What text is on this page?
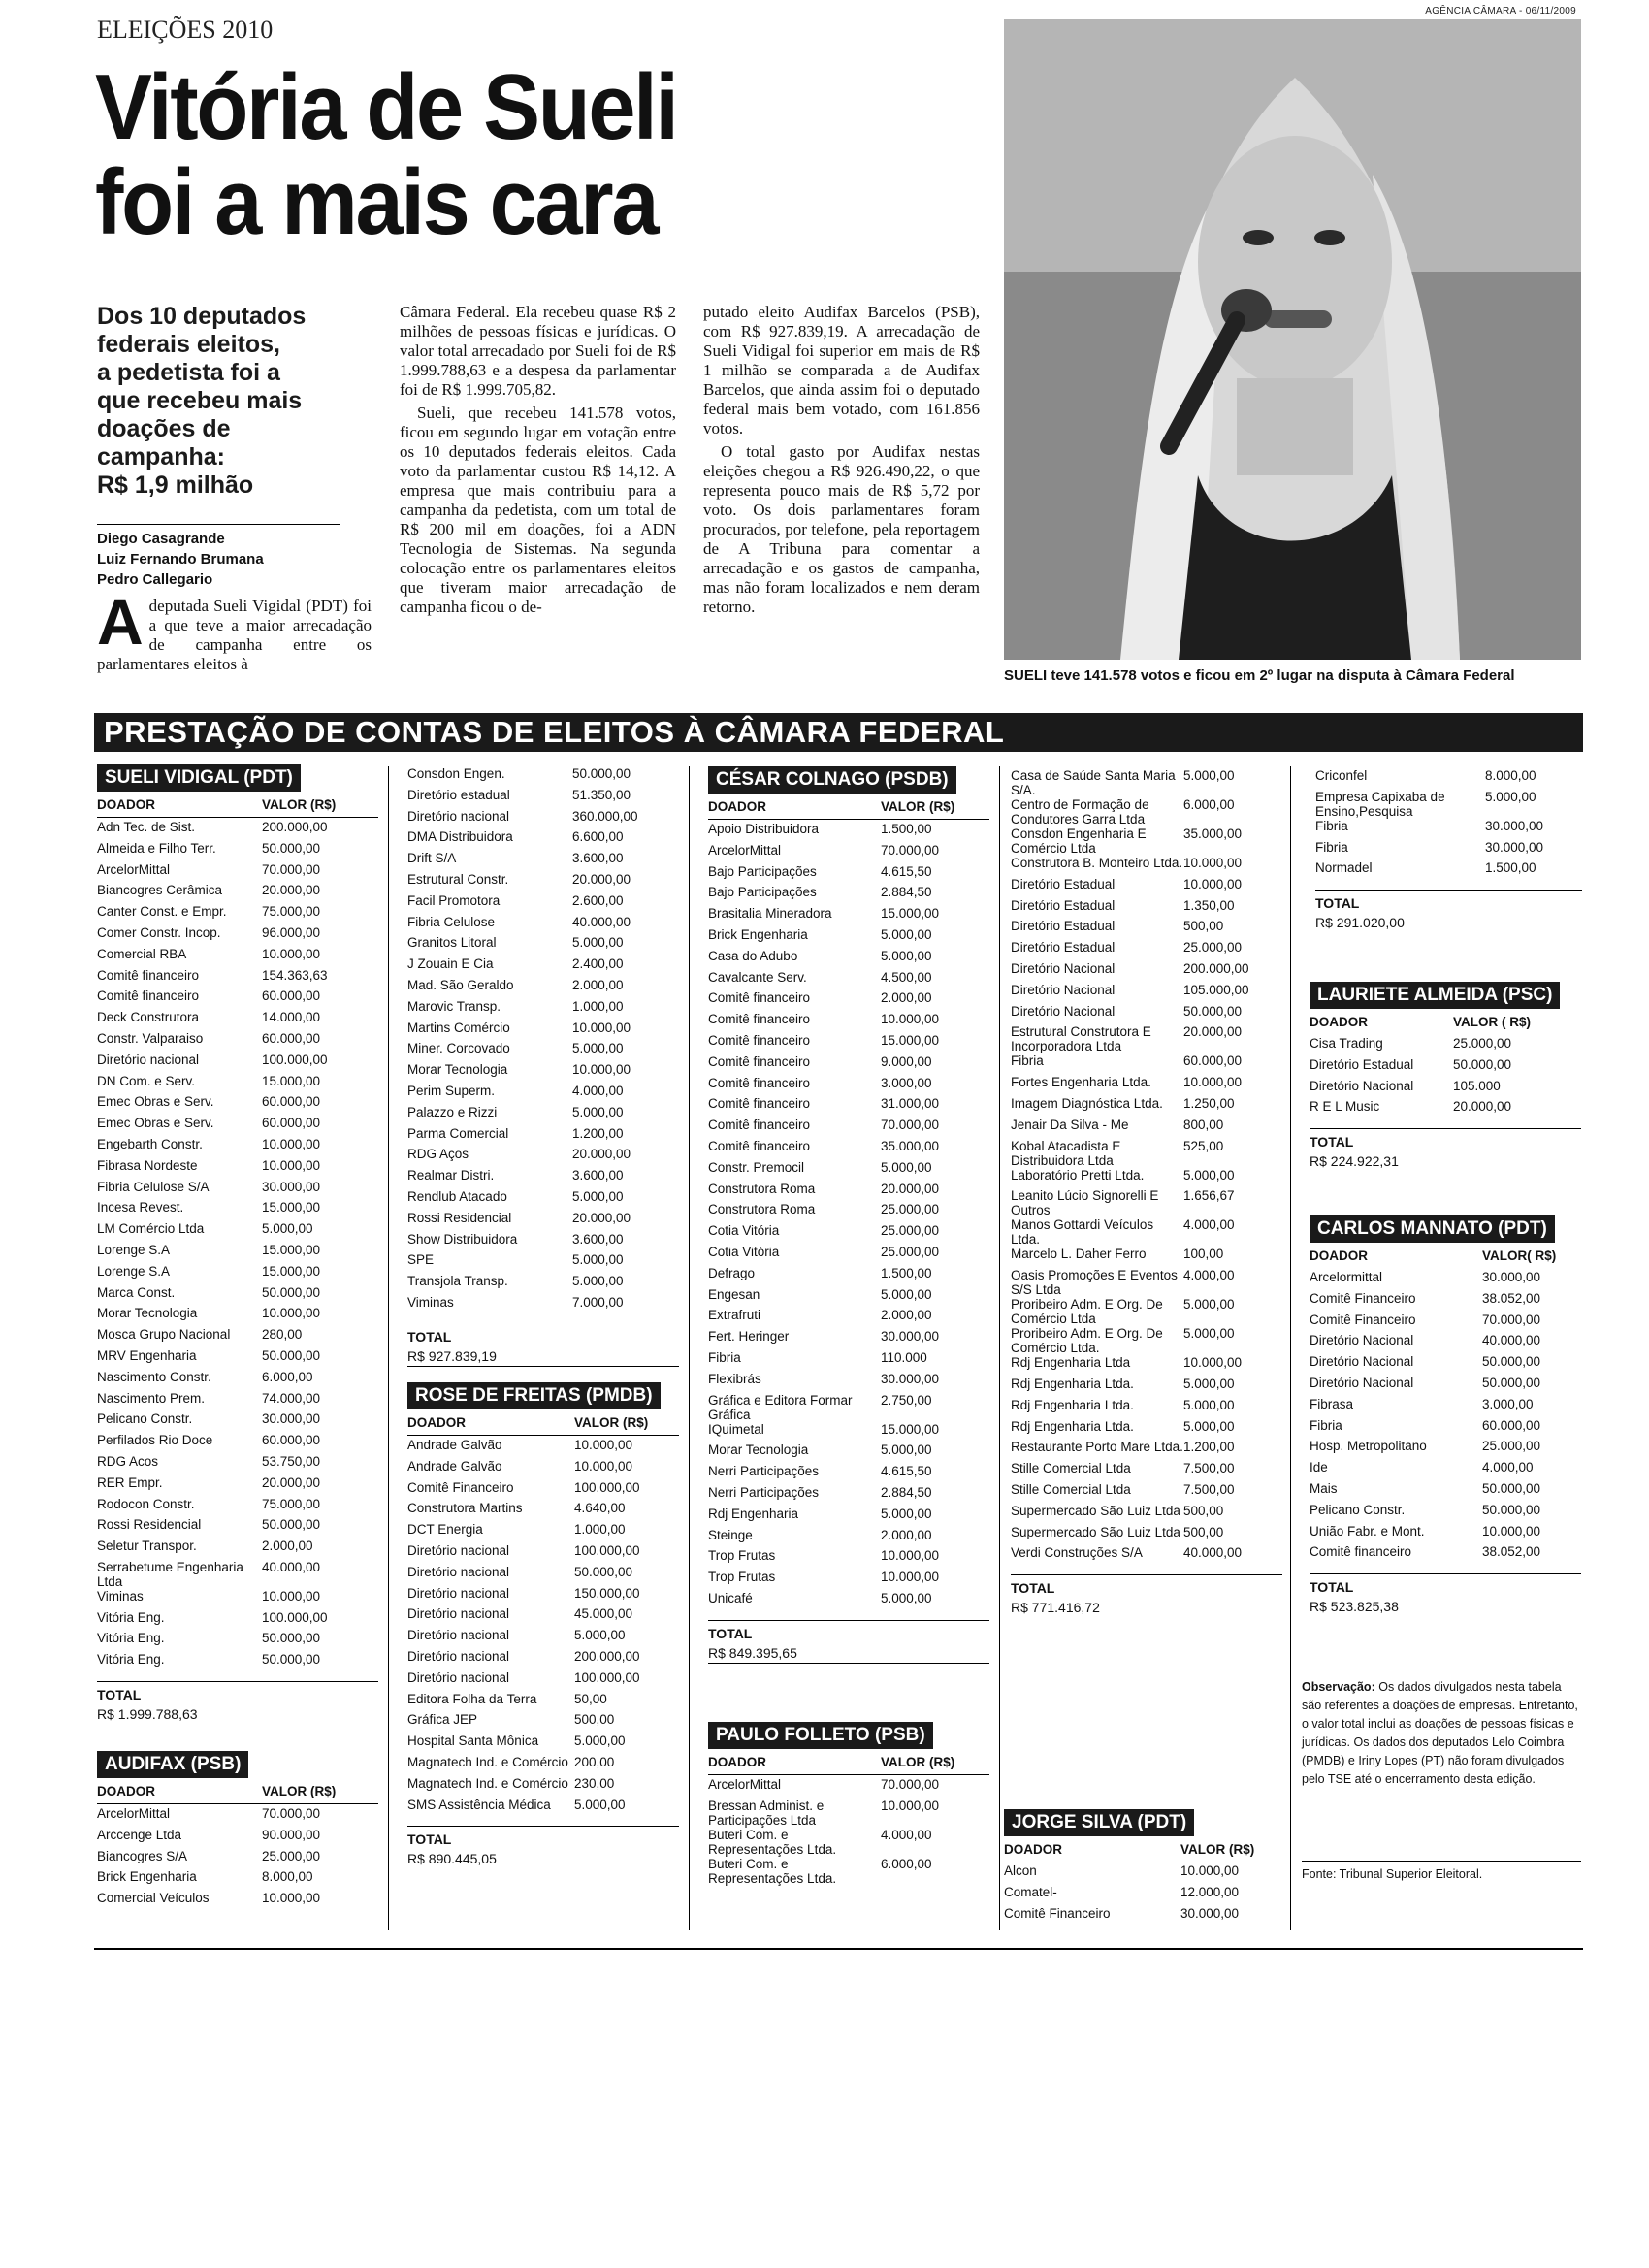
AGÊNCIA CÂMARA - 06/11/2009
ELEIÇÕES 2010
Vitória de Sueli
foi a mais cara
Dos 10 deputados
federais eleitos,
a pedetista foi a
que recebeu mais
doações de campanha:
R$ 1,9 milhão
Diego Casagrande
Luiz Fernando Brumana
Pedro Callegario

Adeputada Sueli Vigidal (PDT) foi a que teve a maior arrecadação de campanha entre os parlamentares eleitos à

Câmara Federal. Ela recebeu quase R$ 2 milhões de pessoas físicas e jurídicas. O valor total arrecadado por Sueli foi de R$ 1.999.788,63 e a despesa da parlamentar foi de R$ 1.999.705,82.

Sueli, que recebeu 141.578 votos, ficou em segundo lugar em votação entre os 10 deputados federais eleitos. Cada voto da parlamentar custou R$ 14,12. A empresa que mais contribuiu para a campanha da pedetista, com um total de R$ 200 mil em doações, foi a ADN Tecnologia de Sistemas. Na segunda colocação entre os parlamentares eleitos que tiveram maior arrecadação de campanha ficou o de-

putado eleito Audifax Barcelos (PSB), com R$ 927.839,19. A arrecadação de Sueli Vidigal foi superior em mais de R$ 1 milhão se comparada a de Audifax Barcelos, que ainda assim foi o deputado federal mais bem votado, com 161.856 votos.

O total gasto por Audifax nestas eleições chegou a R$ 926.490,22, o que representa pouco mais de R$ 5,72 por voto. Os dois parlamentares foram procurados, por telefone, pela reportagem de A Tribuna para comentar a arrecadação e os gastos de campanha, mas não foram localizados e nem deram retorno.

SUELI teve 141.578 votos e ficou em 2º lugar na disputa à Câmara Federal
PRESTAÇÃO DE CONTAS DE ELEITOS À CÂMARA FEDERAL
SUELI VIDIGAL (PDT)
DOADOR	VALOR (R$)
Adn Tec. de Sist.	200.000,00
Almeida e Filho Terr.	50.000,00
ArcelorMittal	70.000,00
Biancogres Cerâmica	20.000,00
Canter Const. e Empr.	75.000,00
Comer Constr. Incop.	96.000,00
Comercial RBA	10.000,00
Comitê financeiro	154.363,63
Comitê financeiro	60.000,00
Deck Construtora	14.000,00
Constr. Valparaiso	60.000,00
Diretório nacional	100.000,00
DN Com. e Serv.	15.000,00
Emec Obras e Serv.	60.000,00
Emec Obras e Serv.	60.000,00
Engebarth Constr.	10.000,00
Fibrasa Nordeste	10.000,00
Fibria Celulose S/A	30.000,00
Incesa Revest.	15.000,00
LM Comércio Ltda	5.000,00
Lorenge S.A	15.000,00
Lorenge S.A	15.000,00
Marca Const.	50.000,00
Morar Tecnologia	10.000,00
Mosca Grupo Nacional	280,00
MRV Engenharia	50.000,00
Nascimento Constr.	6.000,00
Nascimento Prem.	74.000,00
Pelicano Constr.	30.000,00
Perfilados Rio Doce	60.000,00
RDG Acos	53.750,00
RER Empr.	20.000,00
Rodocon Constr.	75.000,00
Rossi Residencial	50.000,00
Seletur Transpor.	2.000,00
Serrabetume Engenharia Ltda
40.000,00
Viminas	10.000,00
Vitória Eng.	100.000,00
Vitória Eng.	50.000,00
Vitória Eng.	50.000,00
TOTAL
R$ 1.999.788,63
AUDIFAX (PSB)
DOADOR	VALOR (R$)
ArcelorMittal	70.000,00
Arccenge Ltda	90.000,00
Biancogres S/A	25.000,00
Brick Engenharia	8.000,00
Comercial Veículos	10.000,00
Consdon Engen.	50.000,00
Diretório estadual	51.350,00
Diretório nacional	360.000,00
DMA Distribuidora	6.600,00
Drift S/A	3.600,00
Estrutural Constr.	20.000,00
Facil Promotora	2.600,00
Fibria Celulose	40.000,00
Granitos Litoral	5.000,00
J Zouain E Cia	2.400,00
Mad. São Geraldo	2.000,00
Marovic Transp.	1.000,00
Martins Comércio	10.000,00
Miner. Corcovado	5.000,00
Morar Tecnologia	10.000,00
Perim Superm.	4.000,00
Palazzo e Rizzi	5.000,00
Parma Comercial	1.200,00
RDG Aços	20.000,00
Realmar Distri.	3.600,00
Rendlub Atacado	5.000,00
Rossi Residencial	20.000,00
Show Distribuidora	3.600,00
SPE	5.000,00
Transjola Transp.	5.000,00
Viminas	7.000,00
TOTAL
R$ 927.839,19
ROSE DE FREITAS (PMDB)
DOADOR	VALOR (R$)
Andrade Galvão	10.000,00
Andrade Galvão	10.000,00
Comitê Financeiro	100.000,00
Construtora Martins	4.640,00
DCT Energia	1.000,00
Diretório nacional	100.000,00
Diretório nacional	50.000,00
Diretório nacional	150.000,00
Diretório nacional	45.000,00
Diretório nacional	5.000,00
Diretório nacional	200.000,00
Diretório nacional	100.000,00
Editora Folha da Terra	50,00
Gráfica JEP	500,00
Hospital Santa Mônica	5.000,00
Magnatech Ind. e Comércio 200,00
Magnatech Ind. e Comércio 230,00
SMS Assistência Médica	5.000,00
TOTAL
R$ 890.445,05
CÉSAR COLNAGO (PSDB)
DOADOR	VALOR (R$)
Apoio Distribuidora	1.500,00
ArcelorMittal	70.000,00
Bajo Participações	4.615,50
Bajo Participações	2.884,50
Brasitalia Mineradora	15.000,00
Brick Engenharia	5.000,00
Casa do Adubo	5.000,00
Cavalcante Serv.	4.500,00
Comitê financeiro	2.000,00
Comitê financeiro	10.000,00
Comitê financeiro	15.000,00
Comitê financeiro	9.000,00
Comitê financeiro	3.000,00
Comitê financeiro	31.000,00
Comitê financeiro	70.000,00
Comitê financeiro	35.000,00
Constr. Premocil	5.000,00
Construtora Roma	20.000,00
Construtora Roma	25.000,00
Cotia Vitória	25.000,00
Cotia Vitória	25.000,00
Defrago	1.500,00
Engesan	5.000,00
Extrafruti	2.000,00
Fert. Heringer	30.000,00
Fibria	110.000
Flexibrás	30.000,00
Gráfica e Editora Formar Gráfica
2.750,00
IQuimetal	15.000,00
Morar Tecnologia	5.000,00
Nerri Participações	4.615,50
Nerri Participações	2.884,50
Rdj Engenharia	5.000,00
Steinge	2.000,00
Trop Frutas	10.000,00
Trop Frutas	10.000,00
Unicafé	5.000,00
TOTAL
R$ 849.395,65
PAULO FOLLETO (PSB)
DOADOR	VALOR (R$)
ArcelorMittal	70.000,00
Bressan Administ. e Participações Ltda
10.000,00
Buteri Com. e Representações Ltda.
4.000,00
Buteri Com. e Representações Ltda.
6.000,00
Casa de Saúde Santa Maria S/A.
5.000,00
Centro de Formação de Condutores Garra Ltda
6.000,00
Consdon Engenharia E Comércio Ltda
35.000,00
Construtora B. Monteiro Ltda. 10.000,00
Diretório Estadual	10.000,00
Diretório Estadual	1.350,00
Diretório Estadual	500,00
Diretório Estadual	25.000,00
Diretório Nacional	200.000,00
Diretório Nacional	105.000,00
Diretório Nacional	50.000,00
Estrutural Construtora E Incorporadora Ltda
20.000,00
Fibria	60.000,00
Fortes Engenharia Ltda.	10.000,00
Imagem Diagnóstica Ltda.	1.250,00
Jenair Da Silva - Me	800,00
Kobal Atacadista E Distribuidora Ltda
525,00
Laboratório Pretti Ltda.	5.000,00
Leanito Lúcio Signorelli E Outros
1.656,67
Manos Gottardi Veículos Ltda.
4.000,00
Marcelo L. Daher Ferro	100,00
Oasis Promoções E Eventos S/S Ltda
4.000,00
Proribeiro Adm. E Org. De Comércio Ltda
5.000,00
Proribeiro Adm. E Org. De Comércio Ltda.
5.000,00
Rdj Engenharia Ltda	10.000,00
Rdj Engenharia Ltda.	5.000,00
Rdj Engenharia Ltda.	5.000,00
Rdj Engenharia Ltda.	5.000,00
Restaurante Porto Mare Ltda. 1.200,00
Stille Comercial Ltda	7.500,00
Stille Comercial Ltda	7.500,00
Supermercado São Luiz Ltda 500,00
Supermercado São Luiz Ltda 500,00
Verdi Construções S/A	40.000,00
TOTAL
R$ 771.416,72
JORGE SILVA (PDT)
DOADOR	VALOR (R$)
Alcon	10.000,00
Comatel-	12.000,00
Comitê Financeiro	30.000,00
Criconfel	8.000,00
Empresa Capixaba de Ensino,Pesquisa
5.000,00
Fibria	30.000,00
Fibria	30.000,00
Normadel	1.500,00
TOTAL
R$ 291.020,00
LAURIETE ALMEIDA (PSC)
DOADOR	VALOR ( R$)
Cisa Trading	25.000,00
Diretório Estadual	50.000,00
Diretório Nacional	105.000
R E L Music	20.000,00
TOTAL
R$ 224.922,31
CARLOS MANNATO (PDT)
DOADOR	VALOR( R$)
Arcelormittal	30.000,00
Comitê Financeiro	38.052,00
Comitê Financeiro	70.000,00
Diretório Nacional	40.000,00
Diretório Nacional	50.000,00
Diretório Nacional	50.000,00
Fibrasa	3.000,00
Fibria	60.000,00
Hosp. Metropolitano	25.000,00
Ide	4.000,00
Mais	50.000,00
Pelicano Constr.	50.000,00
União Fabr. e Mont.	10.000,00
Comitê financeiro	38.052,00
TOTAL
R$ 523.825,38
Observação: Os dados divulgados nesta tabela são referentes a doações de empresas. Entretanto, o valor total inclui as doações de pessoas físicas e jurídicas. Os dados dos deputados Lelo Coimbra (PMDB) e Iriny Lopes (PT) não foram divulgados pelo TSE até o encerramento desta edição.
Fonte: Tribunal Superior Eleitoral.
